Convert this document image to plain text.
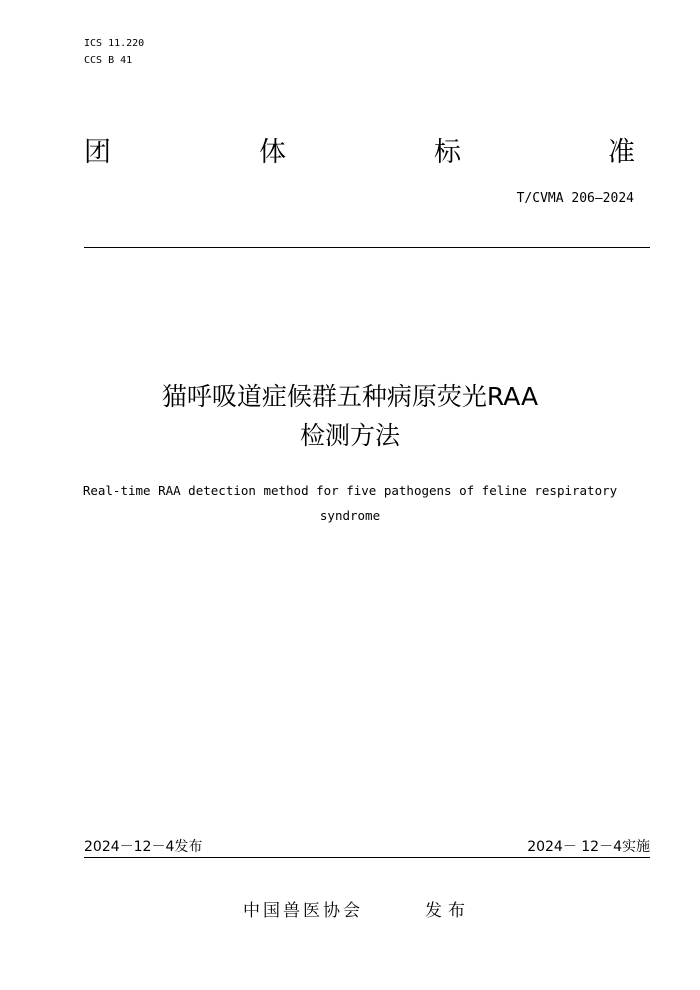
ICS 11.220
CCS B 41
团	体	标	准
T/CVMA 206—2024
猫呼吸道症候群五种病原荧光RAA
检测方法
Real-time RAA detection method for five pathogens of feline respiratory
syndrome
2024－12－4发布	2024－ 12－4实施
中国兽医协会	发布
